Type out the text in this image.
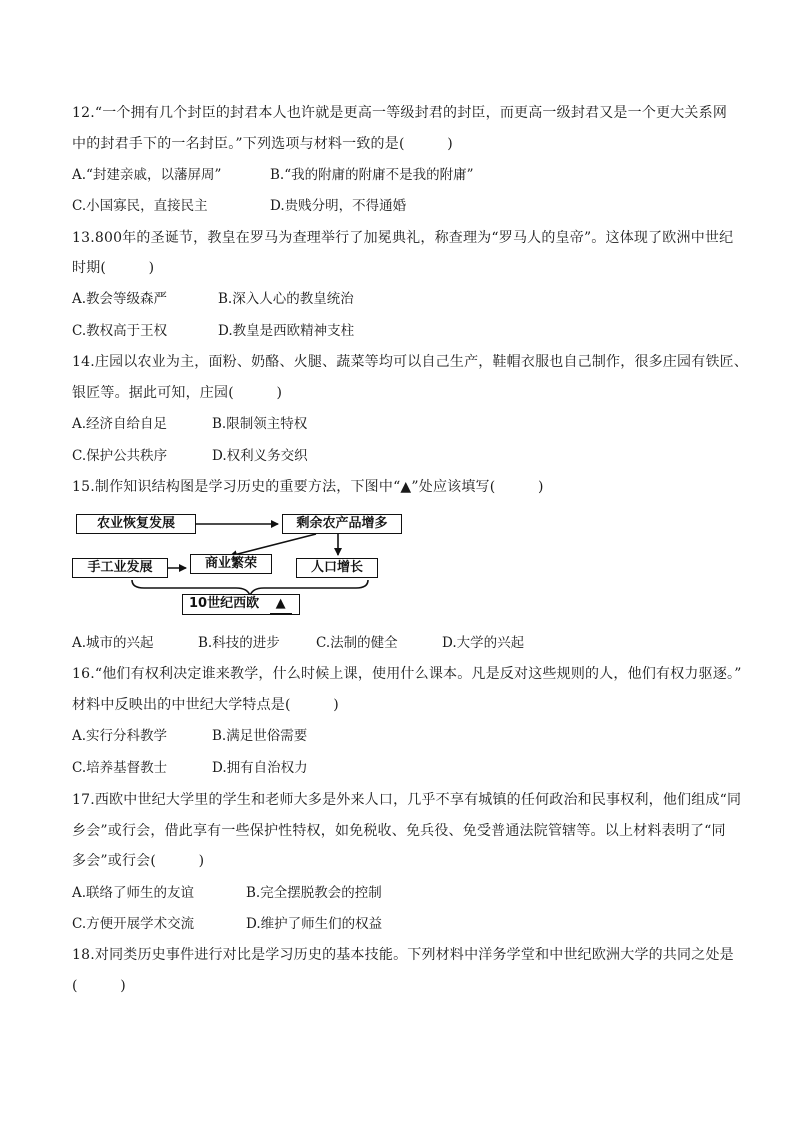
12.“一个拥有几个封臣的封君本人也许就是更高一等级封君的封臣，而更高一级封君又是一个更大关系网
中的封君手下的一名封臣。”下列选项与材料一致的是(　　　)
A.“封建亲戚，以藩屏周”	B.“我的附庸的附庸不是我的附庸”
C.小国寡民，直接民主	D.贵贱分明，不得通婚
13.800年的圣诞节，教皇在罗马为查理举行了加冕典礼，称查理为“罗马人的皇帝”。这体现了欧洲中世纪
时期(　　　)
A.教会等级森严	B.深入人心的教皇统治
C.教权高于王权	D.教皇是西欧精神支柱
14.庄园以农业为主，面粉、奶酪、火腿、蔬菜等均可以自己生产，鞋帽衣服也自己制作，很多庄园有铁匠、
银匠等。据此可知，庄园(　　　)
A.经济自给自足	B.限制领主特权
C.保护公共秩序	D.权利义务交织
15.制作知识结构图是学习历史的重要方法，下图中“▲”处应该填写(　　　)
农业恢复发展	剩余农产品增多
手工业发展	商业繁荣	人口增长
10世纪西欧 ▲
A.城市的兴起	B.科技的进步	C.法制的健全	D.大学的兴起
16.“他们有权利决定谁来教学，什么时候上课，使用什么课本。凡是反对这些规则的人，他们有权力驱逐。”
材料中反映出的中世纪大学特点是(　　　)
A.实行分科教学	B.满足世俗需要
C.培养基督教士	D.拥有自治权力
17.西欧中世纪大学里的学生和老师大多是外来人口，几乎不享有城镇的任何政治和民事权利，他们组成“同
乡会”或行会，借此享有一些保护性特权，如免税收、免兵役、免受普通法院管辖等。以上材料表明了“同
多会”或行会(　　　)
A.联络了师生的友谊	B.完全摆脱教会的控制
C.方便开展学术交流	D.维护了师生们的权益
18.对同类历史事件进行对比是学习历史的基本技能。下列材料中洋务学堂和中世纪欧洲大学的共同之处是
(　　　)
